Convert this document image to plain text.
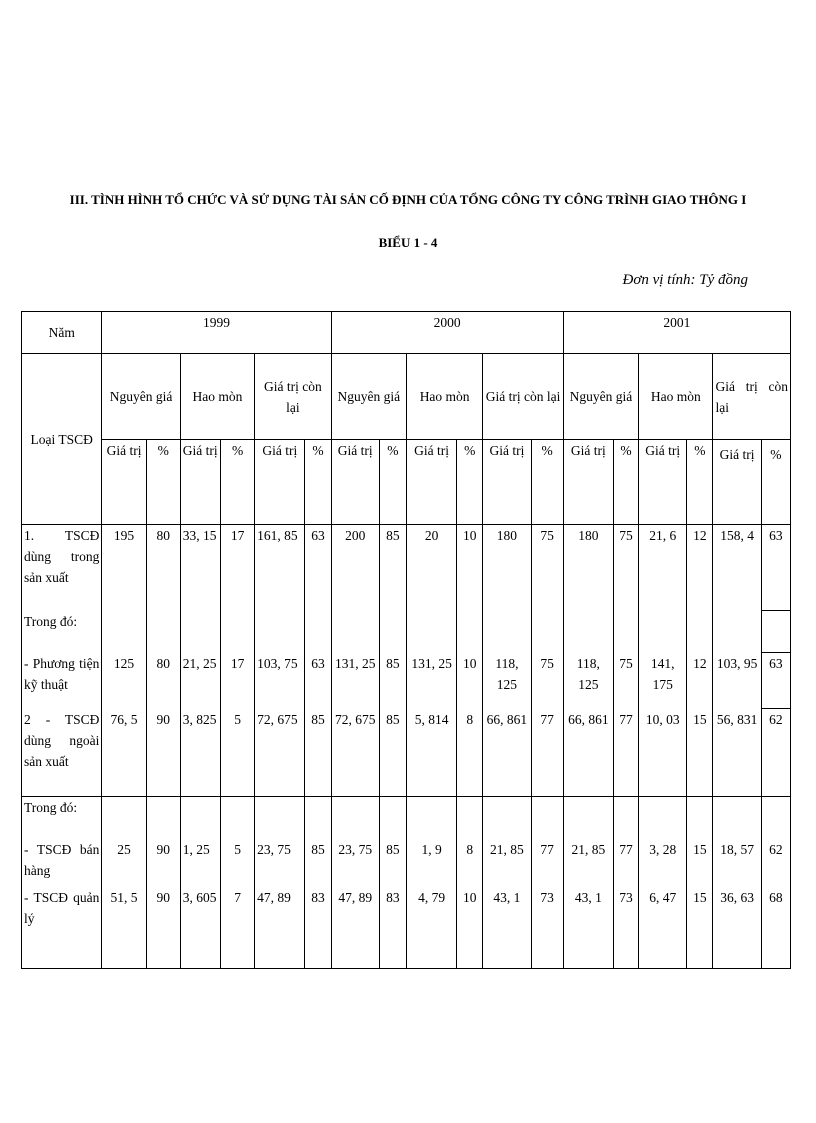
III. TÌNH HÌNH TỔ CHỨC VÀ SỬ DỤNG TÀI SẢN CỐ ĐỊNH CỦA TỔNG CÔNG TY CÔNG TRÌNH GIAO THÔNG I
BIỂU 1 - 4
Đơn vị tính: Tỷ đồng
Năm	1999						2000						2001					
Loại TSCĐ	Nguyên giá		Hao mòn		Giá trị còn lại		Nguyên giá		Hao mòn		Giá trị còn lại		Nguyên giá		Hao mòn		Giá trị còn lại	
	Giá trị	%	Giá trị	%	Giá trị	%	Giá trị	%	Giá trị	%	Giá trị	%	Giá trị	%	Giá trị	%	Giá trị	%
1. TSCĐ dùng trong sản xuất	195	80	33, 15	17	161, 85	63	200	85	20	10	180	75	180	75	21, 6	12	158, 4	63
Trong đó:																		
- Phương tiện kỹ thuật	125	80	21, 25	17	103, 75	63	131, 25	85	131, 25	10	118, 125	75	118, 125	75	141, 175	12	103, 95	63
2 - TSCĐ dùng ngoài sản xuất	76, 5	90	3, 825	5	72, 675	85	72, 675	85	5, 814	8	66, 861	77	66, 861	77	10, 03	15	56, 831	62
Trong đó:																		
- TSCĐ bán hàng	25	90	1, 25	5	23, 75	85	23, 75	85	1, 9	8	21, 85	77	21, 85	77	3, 28	15	18, 57	62
- TSCĐ quản lý	51, 5	90	3, 605	7	47, 89	83	47, 89	83	4, 79	10	43, 1	73	43, 1	73	6, 47	15	36, 63	68
